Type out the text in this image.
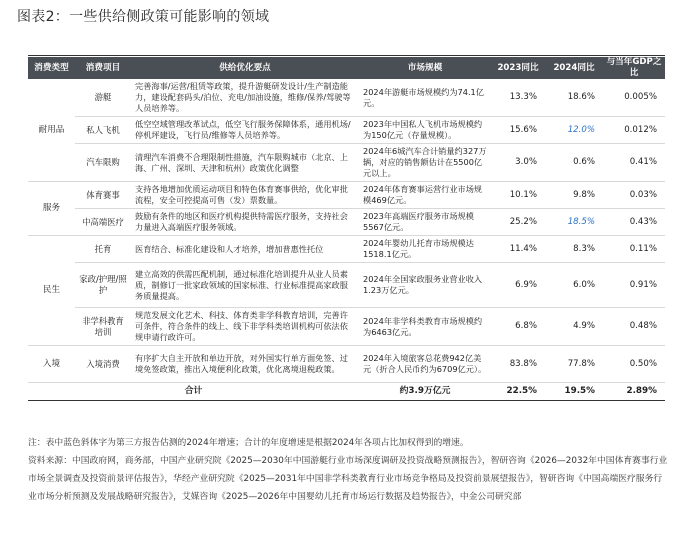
图表2：一些供给侧政策可能影响的领域
消费类型	消费项目	供给优化要点	市场规模	2023同比	2024同比	与当年GDP之比
耐用品	游艇	完善海事/运营/租赁等政策，提升游艇研发设计/生产制造能力，建设配套码头/泊位、充电/加油设施，维修/保养/驾驶等人员培养等。	2024年游艇市场规模约为74.1亿元。	13.3%	18.6%	0.005%
	私人飞机	低空空域管理改革试点，低空飞行服务保障体系，通用机场/停机坪建设，飞行员/维修等人员培养等。	2023年中国私人飞机市场规模约为150亿元（存量规模）。	15.6%	12.0%	0.012%
	汽车限购	清理汽车消费不合理限制性措施，汽车限购城市（北京、上海、广州、深圳、天津和杭州）政策优化调整	2024年6城汽车合计销量约327万辆，对应的销售额估计在5500亿元以上。	3.0%	0.6%	0.41%
服务	体育赛事	支持各地增加优质运动项目和特色体育赛事供给，优化审批流程，安全可控提高可售（发）票数量。	2024年体育赛事运营行业市场规模469亿元。	10.1%	9.8%	0.03%
	中高端医疗	鼓励有条件的地区和医疗机构提供特需医疗服务，支持社会力量进入高端医疗服务领域。	2023年高端医疗服务市场规模5567亿元。	25.2%	18.5%	0.43%
民生	托育	医育结合、标准化建设和人才培养，增加普惠性托位	2024年婴幼儿托育市场规模达1518.1亿元。	11.4%	8.3%	0.11%
	家政/护理/照护	建立高效的供需匹配机制，通过标准化培训提升从业人员素质，制修订一批家政领域的国家标准、行业标准提高家政服务质量提高。	2024年全国家政服务业营业收入1.23万亿元。	6.9%	6.0%	0.91%
	非学科教育培训	规范发展文化艺术、科技、体育类非学科教育培训，完善许可条件，符合条件的线上、线下非学科类培训机构可依法依规申请行政许可。	2024年非学科类教育市场规模约为6463亿元。	6.8%	4.9%	0.48%
入境	入境消费	有序扩大自主开放和单边开放，对外国实行单方面免签、过境免签政策，推出入境便利化政策，优化离境退税政策。	2024年入境旅客总花费942亿美元（折合人民币约为6709亿元）。	83.8%	77.8%	0.50%
合计			约3.9万亿元	22.5%	19.5%	2.89%

注：表中蓝色斜体字为第三方报告估测的2024年增速；合计的年度增速是根据2024年各项占比加权得到的增速。

资料来源：中国政府网，商务部，中国产业研究院《2025—2030年中国游艇行业市场深度调研及投资战略预测报告》，智研咨询《2026—2032年中国体育赛事行业市场全景调查及投资前景评估报告》，华经产业研究院《2025—2031年中国非学科类教育行业市场竞争格局及投资前景展望报告》，智研咨询《中国高端医疗服务行业市场分析预测及发展战略研究报告》，艾媒咨询《2025—2026年中国婴幼儿托育市场运行数据及趋势报告》，中金公司研究部
